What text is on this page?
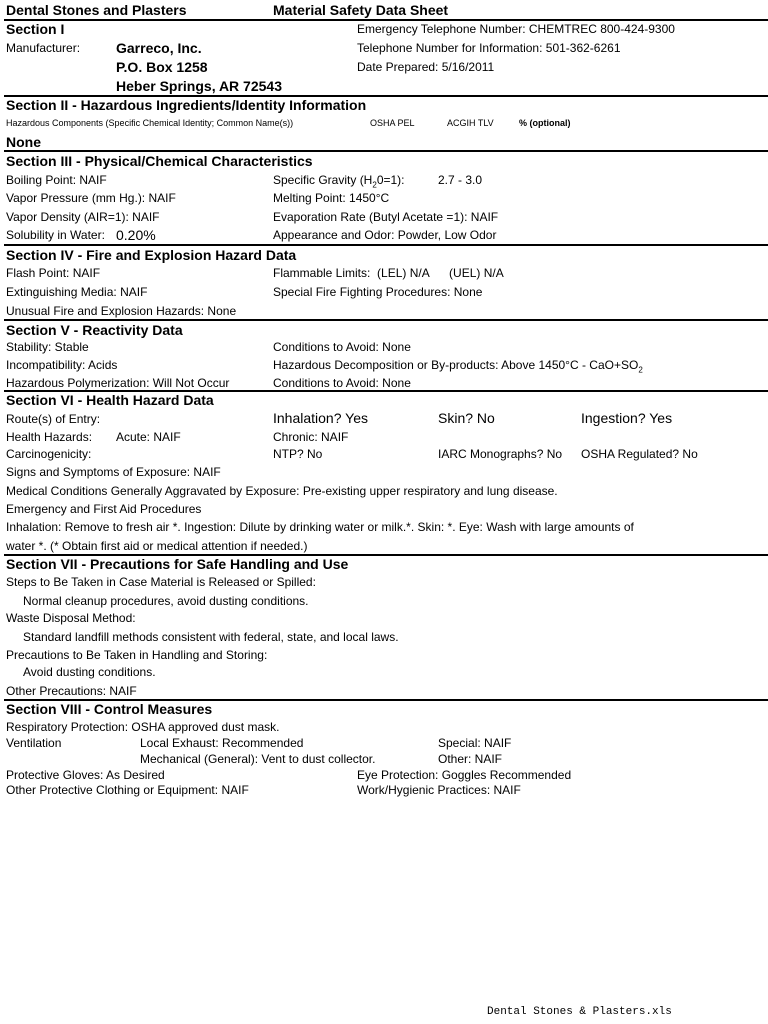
Dental Stones and Plasters	Material Safety Data Sheet
Section I	Emergency Telephone Number: CHEMTREC 800-424-9300
Manufacturer:	Garreco, Inc.	Telephone Number for Information: 501-362-6261
P.O. Box 1258	Date Prepared: 5/16/2011
Heber Springs, AR 72543
Section II - Hazardous Ingredients/Identity Information
Hazardous Components (Specific Chemical Identity; Common Name(s))	OSHA PEL	ACGIH TLV	% (optional)
None
Section III - Physical/Chemical Characteristics
Boiling Point: NAIF	Specific Gravity $(H_20=1)$:	2.7 - 3.0
Vapor Pressure (mm Hg.): NAIF	Melting Point: 1450°C
Vapor Density (AIR=1): NAIF	Evaporation Rate (Butyl Acetate =1): NAIF
Solubility in Water: 0.20%	Appearance and Odor: Powder, Low Odor
Section IV - Fire and Explosion Hazard Data
Flash Point: NAIF	Flammable Limits:  (LEL) N/A      (UEL) N/A
Extinguishing Media: NAIF	Special Fire Fighting Procedures: None
Unusual Fire and Explosion Hazards: None
Section V - Reactivity Data
Stability: Stable	Conditions to Avoid: None
Incompatibility: Acids	Hazardous Decomposition or By-products: Above $1450^\circ C - CaO+SO_2$
Hazardous Polymerization: Will Not Occur	Conditions to Avoid: None
Section VI - Health Hazard Data
Route(s) of Entry:	Inhalation? Yes	Skin? No	Ingestion? Yes
Health Hazards: Acute: NAIF	Chronic: NAIF
Carcinogenicity:	NTP? No	IARC Monographs? No OSHA Regulated? No
Signs and Symptoms of Exposure: NAIF
Medical Conditions Generally Aggravated by Exposure: Pre-existing upper respiratory and lung disease.
Emergency and First Aid Procedures
Inhalation: Remove to fresh air *. Ingestion: Dilute by drinking water or milk.*. Skin: *. Eye: Wash with large amounts of
water *. (* Obtain first aid or medical attention if needed.)
Section VII - Precautions for Safe Handling and Use
Steps to Be Taken in Case Material is Released or Spilled:
Normal cleanup procedures, avoid dusting conditions.
Waste Disposal Method:
Standard landfill methods consistent with federal, state, and local laws.
Precautions to Be Taken in Handling and Storing:
Avoid dusting conditions.
Other Precautions: NAIF
Section VIII - Control Measures
Respiratory Protection: OSHA approved dust mask.
Ventilation	Local Exhaust: Recommended	Special: NAIF
Mechanical (General): Vent to dust collector.	Other: NAIF
Protective Gloves: As Desired	Eye Protection: Goggles Recommended
Other Protective Clothing or Equipment: NAIF	Work/Hygienic Practices: NAIF
Dental Stones & Plasters.xls
